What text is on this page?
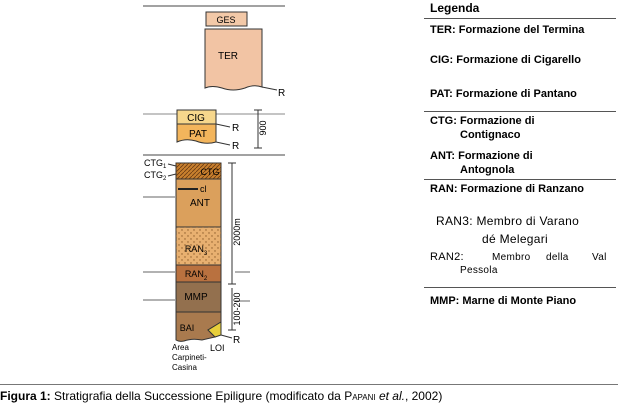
GES
TER
R
CIG
PAT
R
R
900
CTG
cl
ANT
$RAN_3$
$RAN_2$
MMP
BAI
R
LOI
$CTG_1$
$CTG_2$
2000m
100-200
Area
Carpineti-
Casina
Legenda
TER: Formazione del Termina
CIG: Formazione di Cigarello
PAT: Formazione di Pantano
CTG: Formazione di
Contignaco
ANT: Formazione di
Antognola
RAN: Formazione di Ranzano
RAN3: Membro di Varano
dé Melegari
RAN2:	Membro della Val
Pessola
MMP: Marne di Monte Piano
Figura 1: Stratigrafia della Successione Epiligure (modificato da Papani et al., 2002)
